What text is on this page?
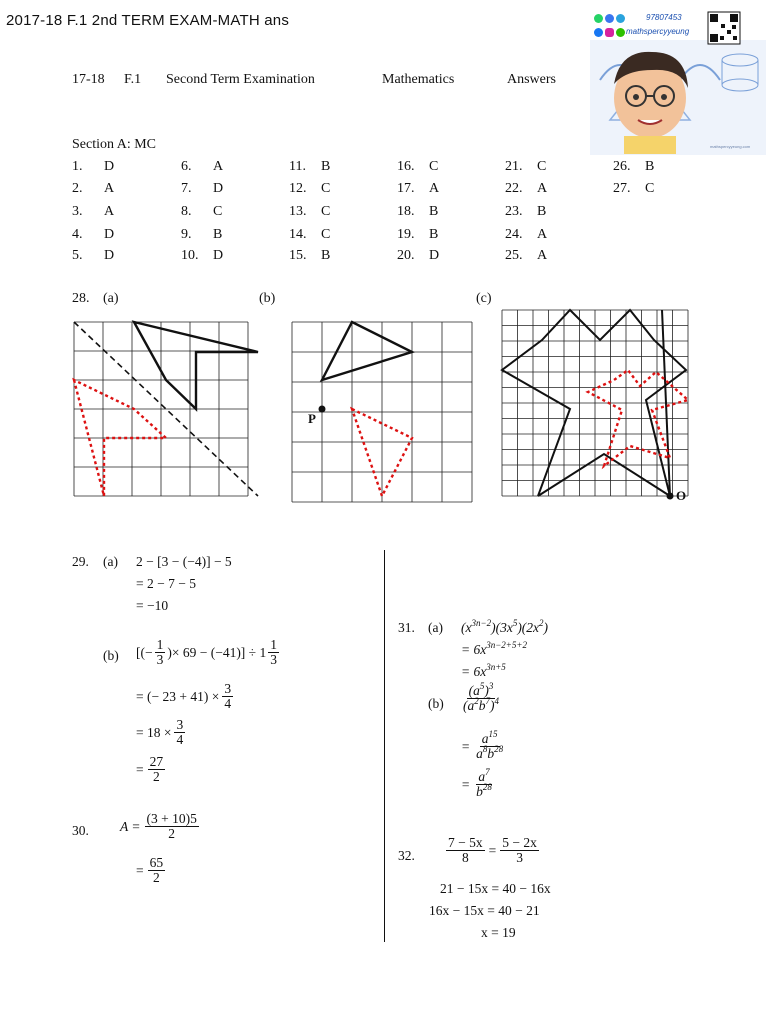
2017-18 F.1 2nd TERM EXAM-MATH ans	97807453
mathspercyyeung
mathspercyyeung.com
17-18 F.1 Second Term Examination	Mathematics	Answers
Section A: MC
1. D
2. A
3. A
4. D
5. D
6. A
7. D
8. C
9. B
10. D
11. B
12. C
13. C
14. C
15. B
16. C
17. A
18. B
19. B
20. D
21. C
22. A
23. B
24. A
25. A
26. B
27. C
28. (a)	(b)	(c)
P
O
29. (a) 2 − [3 − (−4)] − 5
= 2 − 7 − 5
= −10
(b) [(− $\frac{1}{3}$ )× $69 - (-41)] \div 1 \frac{1}{3}$
= (− $23 + 41) \times \frac{3}{4}$
= $18 \times \frac{3}{4}$
= $\frac{27}{2}$
30. $A = \frac{(3 + 10)5}{2}$
= $\frac{65}{2}$
31. (a) $(x^{3n-2})(3x^5)(2x^2)$
= $6x^{3n-2+5+2}$
= $6x^{3n+5}$
$(b) \frac{(a^5)^3}{(a^2b^7)^4}$
= $\frac{a^{15}}{a^8b^{28}}$
= $\frac{a^7}{b^{28}}$
32. $\frac{7 - 5x}{8} = \frac{5 - 2x}{3}$
21 − 15x = 40 − 16x
16x − 15x = 40 − 21
x = 19
